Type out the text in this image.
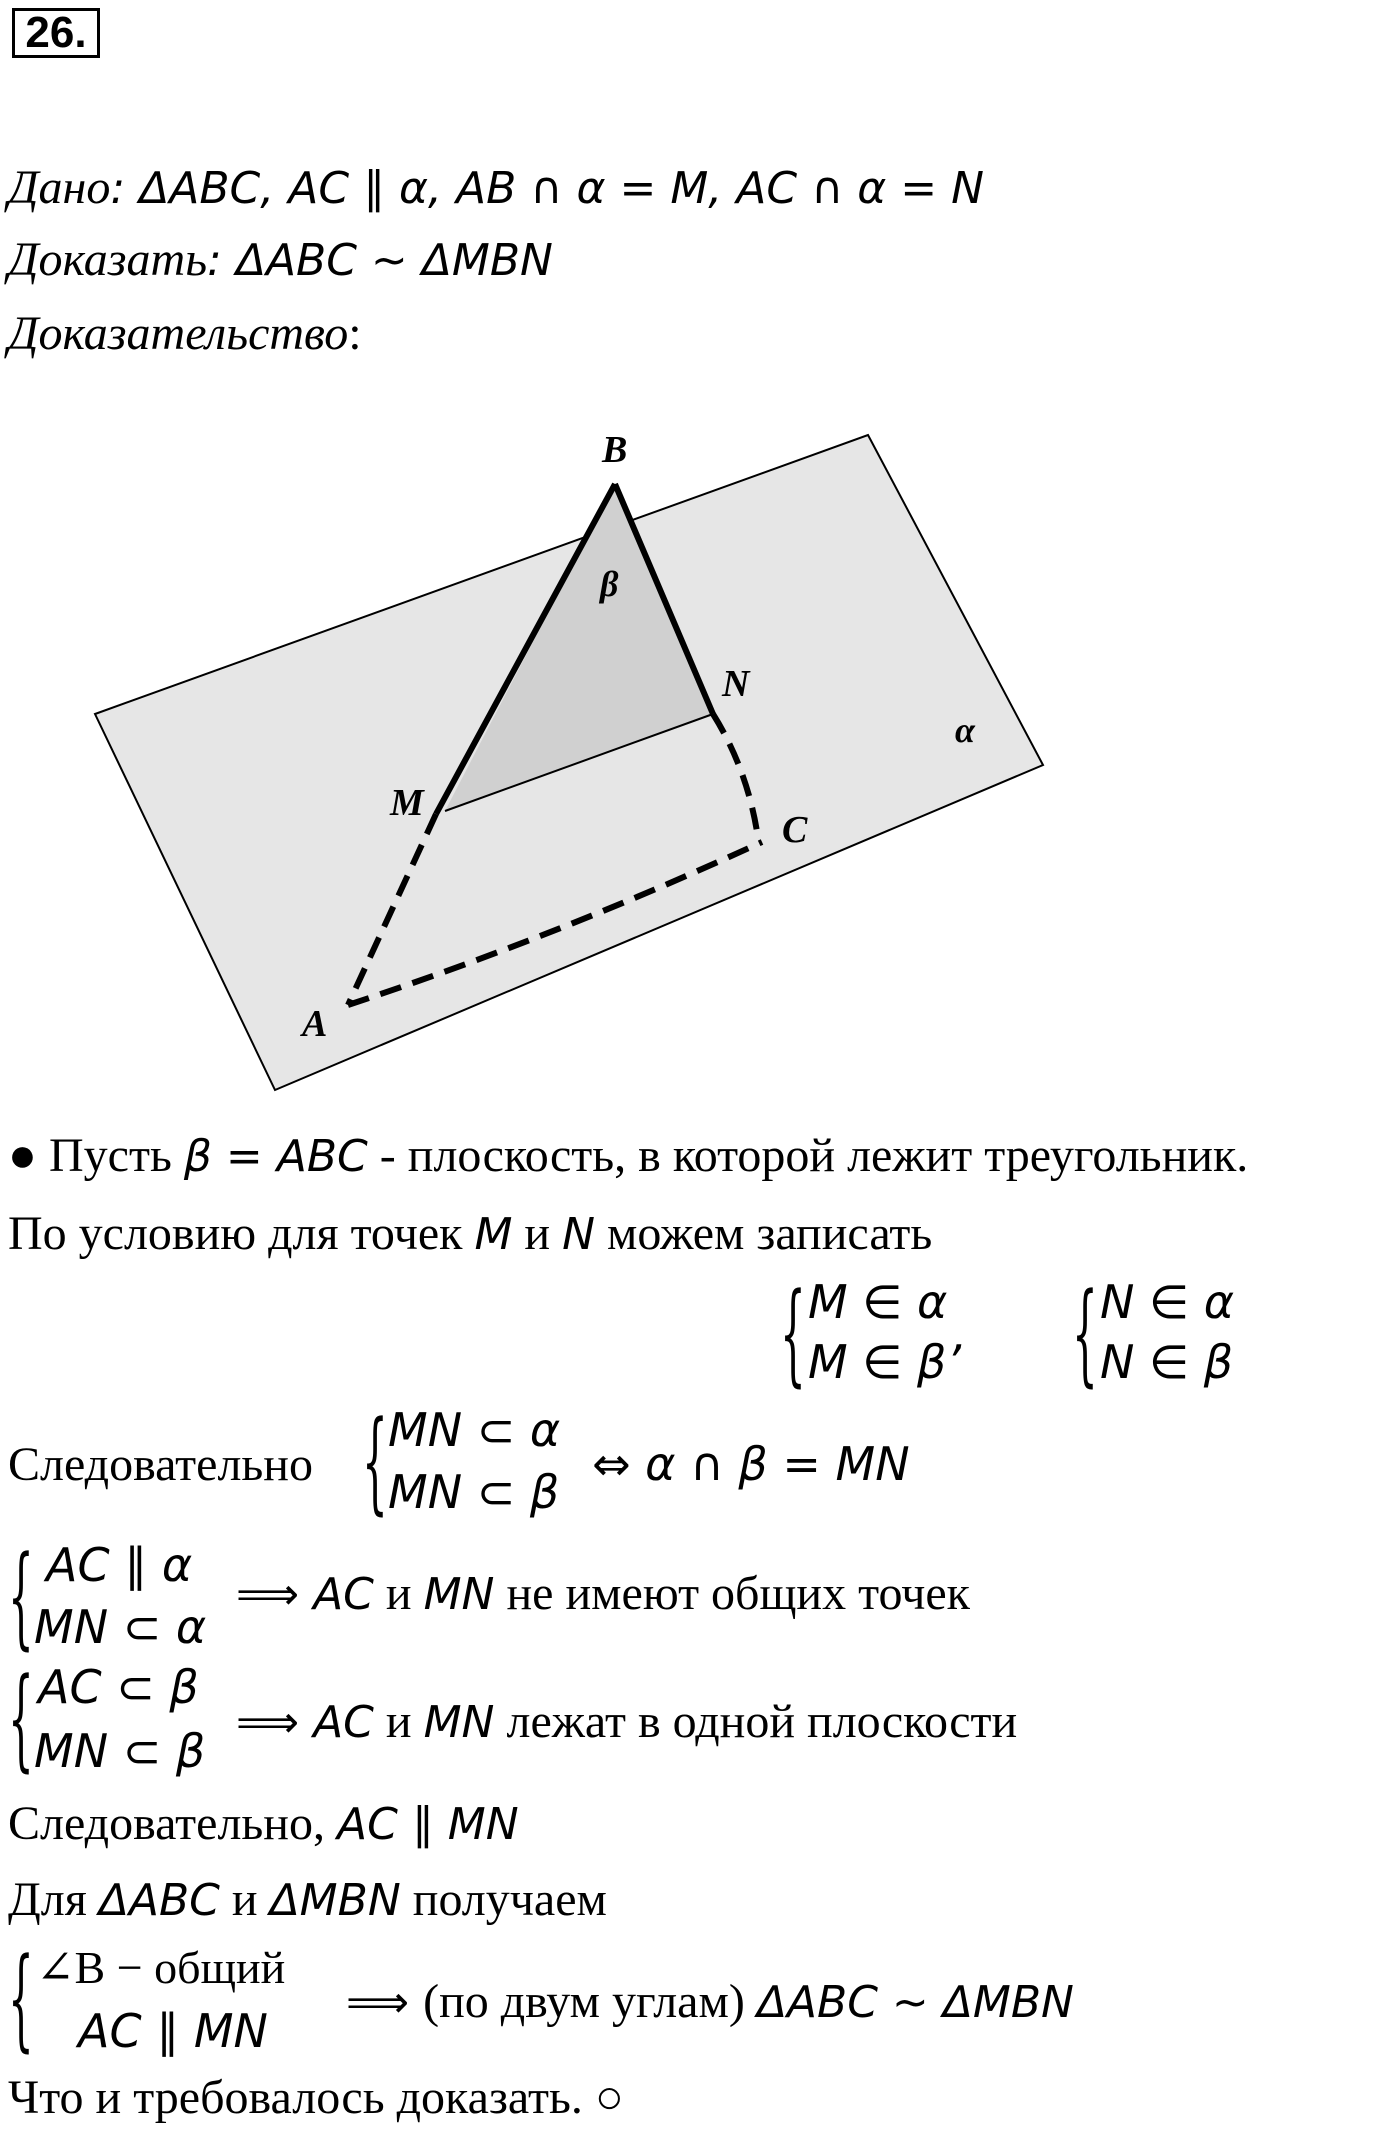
26.
Дано: ΔABC, AC ∥ α, AB ∩ α = M, AC ∩ α = N
Доказать: ΔABC ~ ΔMBN
Доказательство:
B
β
N
α
M
C
A
● Пусть β = ABC - плоскость, в которой лежит треугольник.
По условию для точек M и N можем записать
{ M ∈ α
M ∈ β’ { N ∈ α
N ∈ β
Следовательно { MN ⊂ α
MN ⊂ β
⇔ α ∩ β = MN
{ AC ∥ α
MN ⊂ α
⟹ AC и MN не имеют общих точек
{ AC ⊂ β
MN ⊂ β
⟹ AC и MN лежат в одной плоскости
Следовательно, AC ∥ MN
Для ΔABC и ΔMBN получаем
{ ∠B − общий
AC ∥ MN
⟹ (по двум углам) ΔABC ~ ΔMBN
Что и требовалось доказать. ○
